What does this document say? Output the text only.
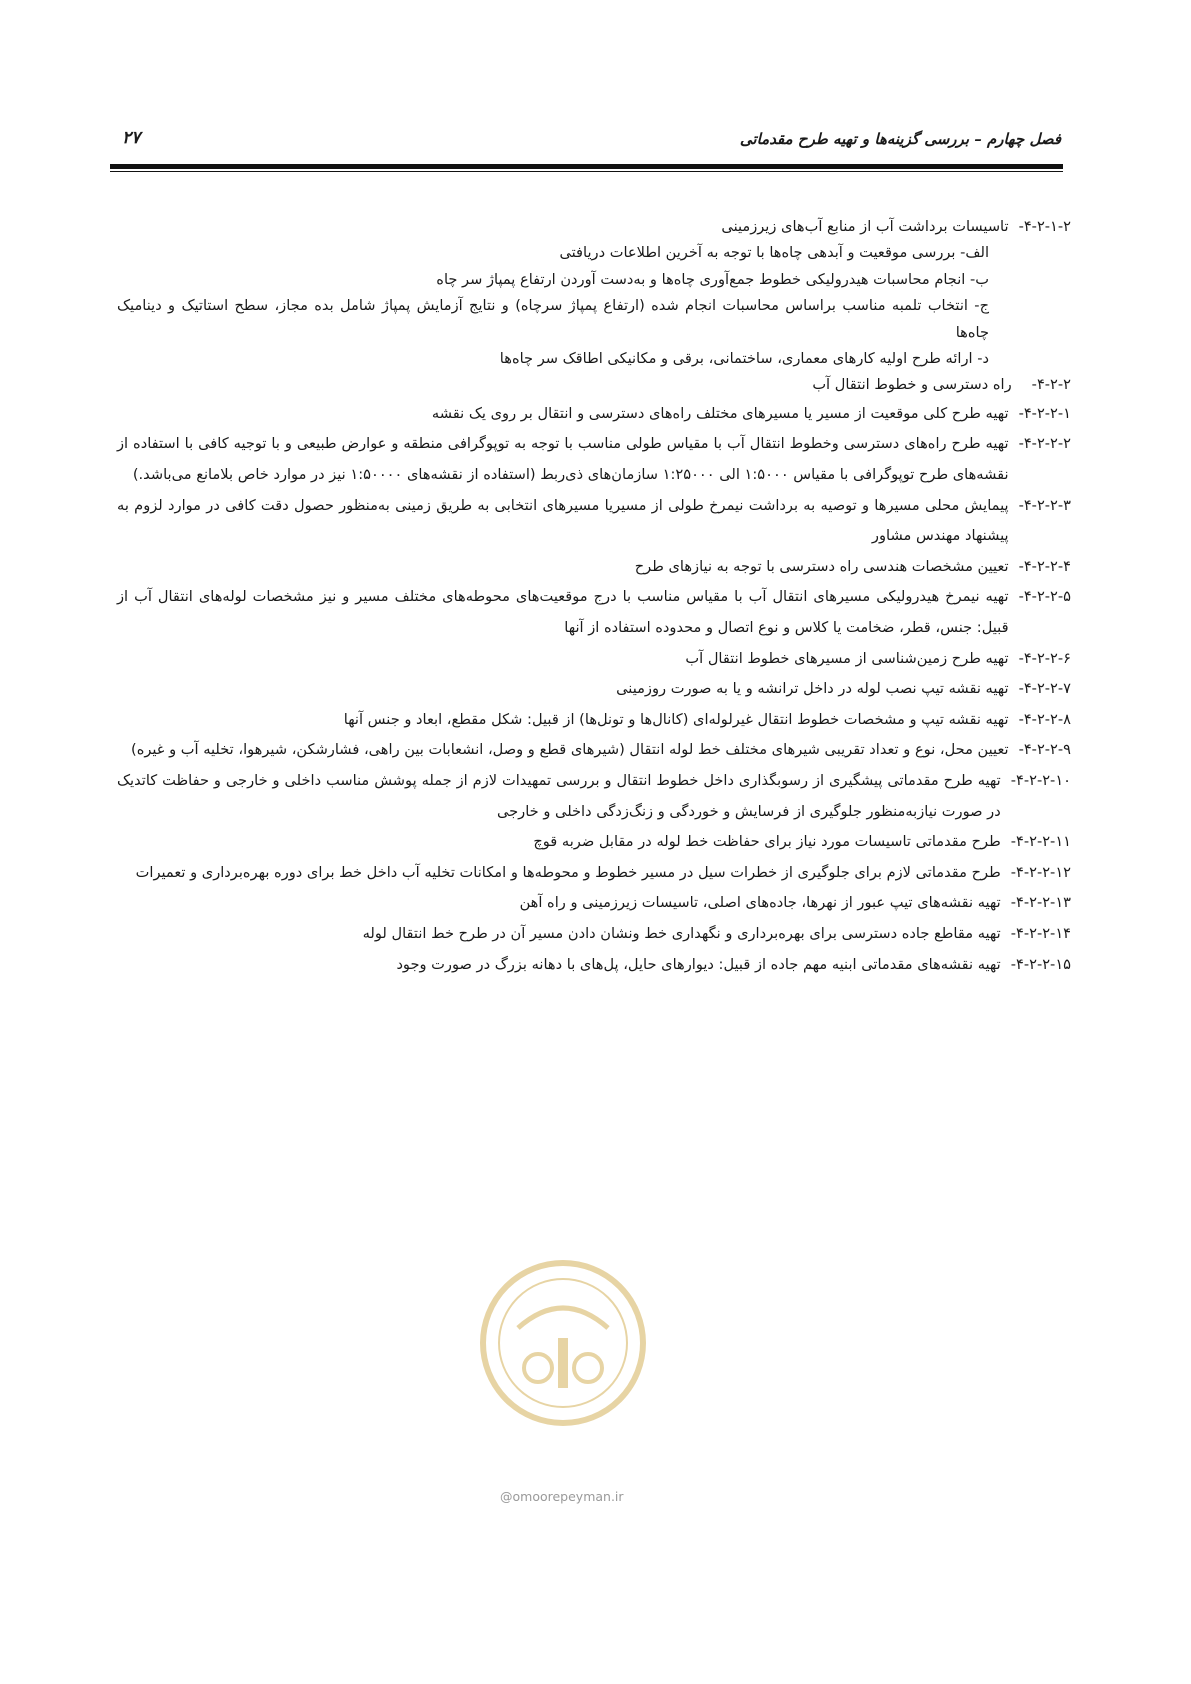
فصل چهارم – بررسی گزینه‌ها و تهیه طرح مقدماتی
۲۷
۴-۲-۱-۲-
تاسیسات برداشت آب از منابع آب‌های زیرزمینی
الف- بررسی موقعیت و آبدهی چاه‌ها با توجه به آخرین اطلاعات دریافتی
ب- انجام محاسبات هیدرولیکی خطوط جمع‌آوری چاه‌ها و به‌دست آوردن ارتفاع پمپاژ سر چاه
ج- انتخاب تلمبه مناسب براساس محاسبات انجام شده (ارتفاع پمپاژ سرچاه) و نتایج آزمایش پمپاژ شامل بده مجاز، سطح استاتیک و دینامیک چاه‌ها
د- ارائه طرح اولیه کارهای معماری، ساختمانی، برقی و مکانیکی اطاقک سر چاه‌ها
۴-۲-۲-
راه دسترسی و خطوط انتقال آب
۴-۲-۲-۱-
تهیه طرح کلی موقعیت از مسیر یا مسیرهای مختلف راه‌های دسترسی و انتقال بر روی یک نقشه
۴-۲-۲-۲-
تهیه طرح راه‌های دسترسی وخطوط انتقال آب با مقیاس طولی مناسب با توجه به توپوگرافی منطقه و عوارض طبیعی و با توجیه کافی با استفاده از نقشه‌های طرح توپوگرافی با مقیاس ۱:۵۰۰۰ الی ۱:۲۵۰۰۰ سازمان‌های ذی‌ربط (استفاده از نقشه‌های ۱:۵۰۰۰۰ نیز در موارد خاص بلامانع می‌باشد.)
۴-۲-۲-۳-
پیمایش محلی مسیرها و توصیه به برداشت نیمرخ طولی از مسیریا مسیرهای انتخابی به طریق زمینی به‌منظور حصول دقت کافی در موارد لزوم به پیشنهاد مهندس مشاور
۴-۲-۲-۴-
تعیین مشخصات هندسی راه دسترسی با توجه به نیازهای طرح
۴-۲-۲-۵-
تهیه نیمرخ هیدرولیکی مسیرهای انتقال آب با مقیاس مناسب با درج موقعیت‌های محوطه‌های مختلف مسیر و نیز مشخصات لوله‌های انتقال آب از قبیل: جنس، قطر، ضخامت یا کلاس و نوع اتصال و محدوده استفاده از آنها
۴-۲-۲-۶-
تهیه طرح زمین‌شناسی از مسیرهای خطوط انتقال آب
۴-۲-۲-۷-
تهیه نقشه تیپ نصب لوله در داخل ترانشه و یا به صورت روزمینی
۴-۲-۲-۸-
تهیه نقشه تیپ و مشخصات خطوط انتقال غیرلوله‌ای (کانال‌ها و تونل‌ها) از قبیل: شکل مقطع، ابعاد و جنس آنها
۴-۲-۲-۹-
تعیین محل، نوع و تعداد تقریبی شیرهای مختلف خط لوله انتقال (شیرهای قطع و وصل، انشعابات بین راهی، فشارشکن، شیرهوا، تخلیه آب و غیره)
۴-۲-۲-۱۰-
تهیه طرح مقدماتی پیشگیری از رسوبگذاری داخل خطوط انتقال و بررسی تمهیدات لازم از جمله پوشش مناسب داخلی و خارجی و حفاظت کاتدیک در صورت نیازبه‌منظور جلوگیری از فرسایش و خوردگی و زنگ‌زدگی داخلی و خارجی
۴-۲-۲-۱۱-
طرح مقدماتی تاسیسات مورد نیاز برای حفاظت خط لوله در مقابل ضربه قوچ
۴-۲-۲-۱۲-
طرح مقدماتی لازم برای جلوگیری از خطرات سیل در مسیر خطوط و محوطه‌ها و امکانات تخلیه آب داخل خط برای دوره بهره‌برداری و تعمیرات
۴-۲-۲-۱۳-
تهیه نقشه‌های تیپ عبور از نهرها، جاده‌های اصلی، تاسیسات زیرزمینی و راه آهن
۴-۲-۲-۱۴-
تهیه مقاطع جاده دسترسی برای بهره‌برداری و نگهداری خط ونشان دادن مسیر آن در طرح خط انتقال لوله
۴-۲-۲-۱۵-
تهیه نقشه‌های مقدماتی ابنیه مهم جاده از قبیل: دیوارهای حایل، پل‌های با دهانه بزرگ در صورت وجود
@omoorepeyman.ir
